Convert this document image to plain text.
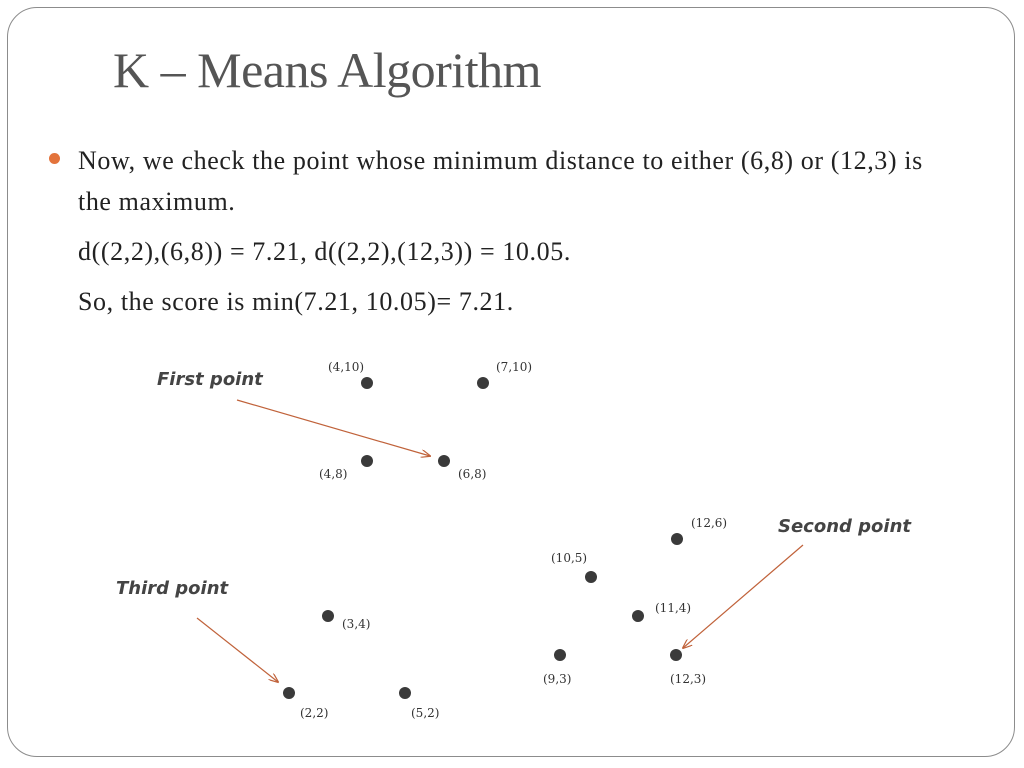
K – Means Algorithm

Now, we check the point whose minimum distance to either (6,8) or (12,3) is the maximum.

d((2,2),(6,8)) = 7.21, d((2,2),(12,3)) = 10.05.

So, the score is min(7.21, 10.05)= 7.21.

(4,10)	(7,10)
(4,8)	(6,8)
(12,6)
(10,5)
(11,4)
(3,4)
(9,3)	(12,3)
(2,2)	(5,2)
First point
Second point
Third point
